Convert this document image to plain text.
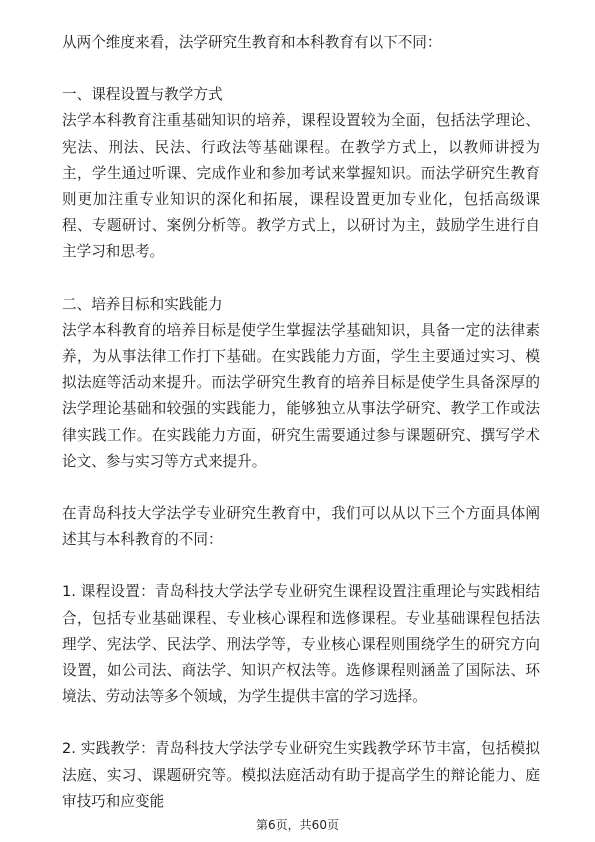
从两个维度来看，法学研究生教育和本科教育有以下不同：

一、课程设置与教学方式

法学本科教育注重基础知识的培养，课程设置较为全面，包括法学理论、宪法、刑法、民法、行政法等基础课程。在教学方式上，以教师讲授为主，学生通过听课、完成作业和参加考试来掌握知识。而法学研究生教育则更加注重专业知识的深化和拓展，课程设置更加专业化，包括高级课程、专题研讨、案例分析等。教学方式上，以研讨为主，鼓励学生进行自主学习和思考。

二、培养目标和实践能力

法学本科教育的培养目标是使学生掌握法学基础知识，具备一定的法律素养，为从事法律工作打下基础。在实践能力方面，学生主要通过实习、模拟法庭等活动来提升。而法学研究生教育的培养目标是使学生具备深厚的法学理论基础和较强的实践能力，能够独立从事法学研究、教学工作或法律实践工作。在实践能力方面，研究生需要通过参与课题研究、撰写学术论文、参与实习等方式来提升。

在青岛科技大学法学专业研究生教育中，我们可以从以下三个方面具体阐述其与本科教育的不同：

1. 课程设置：青岛科技大学法学专业研究生课程设置注重理论与实践相结合，包括专业基础课程、专业核心课程和选修课程。专业基础课程包括法理学、宪法学、民法学、刑法学等，专业核心课程则围绕学生的研究方向设置，如公司法、商法学、知识产权法等。选修课程则涵盖了国际法、环境法、劳动法等多个领域，为学生提供丰富的学习选择。

2. 实践教学：青岛科技大学法学专业研究生实践教学环节丰富，包括模拟法庭、实习、课题研究等。模拟法庭活动有助于提高学生的辩论能力、庭审技巧和应变能

第6页，共60页
